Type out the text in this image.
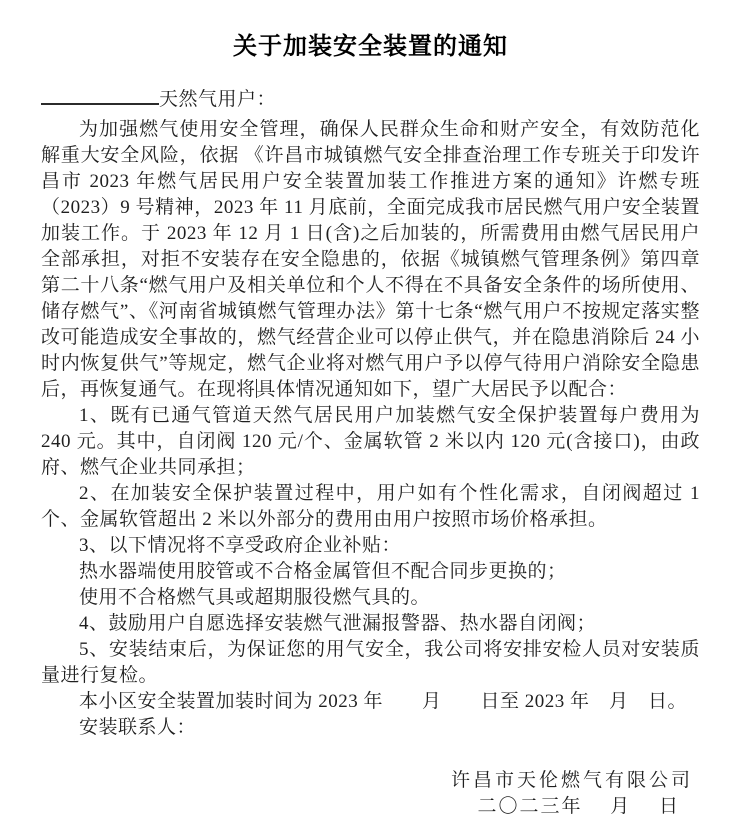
关于加装安全装置的通知
天然气用户：

为加强燃气使用安全管理，确保人民群众生命和财产安全，有效防范化解重大安全风险，依据 《许昌市城镇燃气安全排查治理工作专班关于印发许昌市 2023 年燃气居民用户安全装置加装工作推进方案的通知》许燃专班（2023）9 号精神，2023 年 11 月底前，全面完成我市居民燃气用户安全装置加装工作。于 2023 年 12 月 1 日(含)之后加装的，所需费用由燃气居民用户全部承担，对拒不安装存在安全隐患的，依据《城镇燃气管理条例》第四章第二十八条“燃气用户及相关单位和个人不得在不具备安全条件的场所使用、储存燃气”、《河南省城镇燃气管理办法》第十七条“燃气用户不按规定落实整改可能造成安全事故的，燃气经营企业可以停止供气，并在隐患消除后 24 小时内恢复供气”等规定，燃气企业将对燃气用户予以停气待用户消除安全隐患后，再恢复通气。在现将具体情况通知如下，望广大居民予以配合：

1、既有已通气管道天然气居民用户加装燃气安全保护装置每户费用为 240 元。其中，自闭阀 120 元/个、金属软管 2 米以内 120 元(含接口)，由政府、燃气企业共同承担；

2、在加装安全保护装置过程中，用户如有个性化需求，自闭阀超过 1 个、金属软管超出 2 米以外部分的费用由用户按照市场价格承担。

3、以下情况将不享受政府企业补贴：

热水器端使用胶管或不合格金属管但不配合同步更换的；

使用不合格燃气具或超期服役燃气具的。

4、鼓励用户自愿选择安装燃气泄漏报警器、热水器自闭阀；

5、安装结束后，为保证您的用气安全，我公司将安排安检人员对安装质量进行复检。

本小区安全装置加装时间为 2023 年　　月　　日至 2023 年　月　日。

安装联系人：

许昌市天伦燃气有限公司
二〇二三年　 月　 日
